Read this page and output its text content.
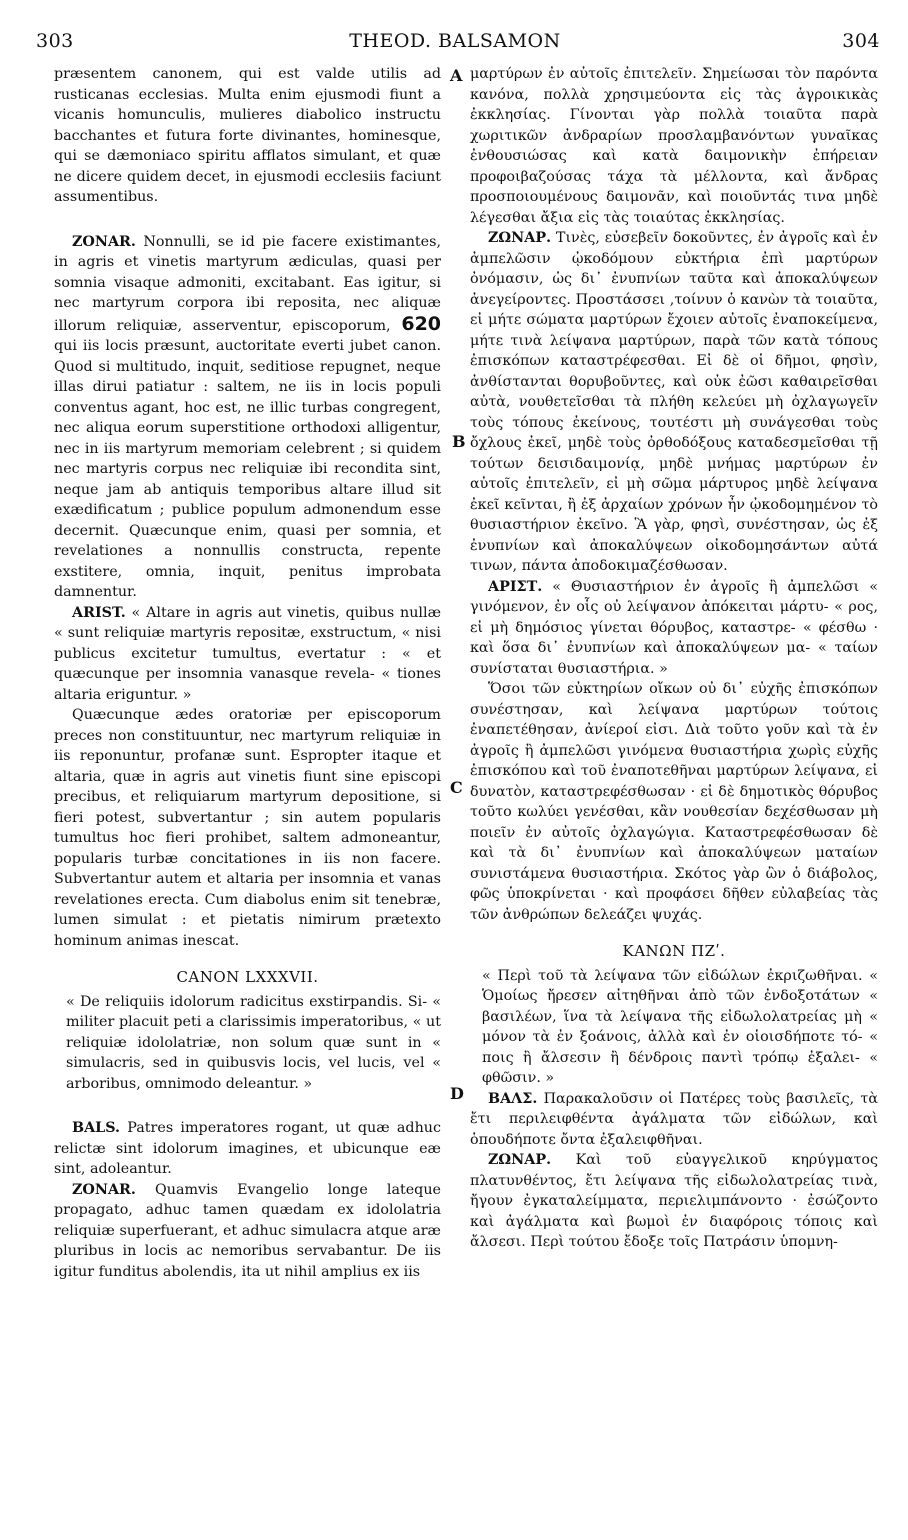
303	THEOD. BALSAMON	304
A
B
C
D

præsentem canonem, qui est valde utilis ad rusticanas ecclesias. Multa enim ejusmodi fiunt a vicanis homunculis, mulieres diabolico instructu bacchantes et futura forte divinantes, hominesque, qui se dæmoniaco spiritu afflatos simulant, et quæ ne dicere quidem decet, in ejusmodi ecclesiis faciunt assumentibus.

ZONAR. Nonnulli, se id pie facere existimantes, in agris et vinetis martyrum ædiculas, quasi per somnia visaque admoniti, excitabant. Eas igitur, si nec martyrum corpora ibi reposita, nec aliquæ illorum reliquiæ, asserventur, episcoporum, 620 qui iis locis præsunt, auctoritate everti jubet canon. Quod si multitudo, inquit, seditiose repugnet, neque illas dirui patiatur : saltem, ne iis in locis populi conventus agant, hoc est, ne illic turbas congregent, nec aliqua eorum superstitione orthodoxi alligentur, nec in iis martyrum memoriam celebrent ; si quidem nec martyris corpus nec reliquiæ ibi recondita sint, neque jam ab antiquis temporibus altare illud sit exædificatum ; publice populum admonendum esse decernit. Quæcunque enim, quasi per somnia, et revelationes a nonnullis constructa, repente exstitere, omnia, inquit, penitus improbata damnentur.

ARIST. « Altare in agris aut vinetis, quibus nullæ « sunt reliquiæ martyris repositæ, exstructum, « nisi publicus excitetur tumultus, evertatur : « et quæcunque per insomnia vanasque revela- « tiones altaria eriguntur. »

Quæcunque ædes oratoriæ per episcoporum preces non constituuntur, nec martyrum reliquiæ in iis reponuntur, profanæ sunt. Espropter itaque et altaria, quæ in agris aut vinetis fiunt sine episcopi precibus, et reliquiarum martyrum depositione, si fieri potest, subvertantur ; sin autem popularis tumultus hoc fieri prohibet, saltem admoneantur, popularis turbæ concitationes in iis non facere. Subvertantur autem et altaria per insomnia et vanas revelationes erecta. Cum diabolus enim sit tenebræ, lumen simulat : et pietatis nimirum prætexto hominum animas inescat.

CANON LXXXVII.

« De reliquiis idolorum radicitus exstirpandis. Si- « militer placuit peti a clarissimis imperatoribus, « ut reliquiæ idololatriæ, non solum quæ sunt in « simulacris, sed in quibusvis locis, vel lucis, vel « arboribus, omnimodo deleantur. »

BALS. Patres imperatores rogant, ut quæ adhuc relictæ sint idolorum imagines, et ubicunque eæ sint, adoleantur.

ZONAR. Quamvis Evangelio longe lateque propagato, adhuc tamen quædam ex idololatria reliquiæ superfuerant, et adhuc simulacra atque aræ pluribus in locis ac nemoribus servabantur. De iis igitur funditus abolendis, ita ut nihil amplius ex iis

μαρτύρων ἐν αὐτοῖς ἐπιτελεῖν. Σημείωσαι τὸν παρόντα κανόνα, πολλὰ χρησιμεύοντα εἰς τὰς ἀγροικικὰς ἐκκλησίας. Γίνονται γὰρ πολλὰ τοιαῦτα παρὰ χωριτικῶν ἀνδραρίων προσλαμβανόντων γυναῖκας ἐνθουσιώσας καὶ κατὰ δαιμονικὴν ἐπήρειαν προφοιβαζούσας τάχα τὰ μέλλοντα, καὶ ἄνδρας προσποιουμένους δαιμονᾶν, καὶ ποιοῦντάς τινα μηδὲ λέγεσθαι ἄξια εἰς τὰς τοιαύτας ἐκκλησίας.

ΖΩΝΑΡ. Τινὲς, εὐσεβεῖν δοκοῦντες, ἐν ἀγροῖς καὶ ἐν ἀμπελῶσιν ᾠκοδόμουν εὐκτήρια ἐπὶ μαρτύρων ὀνόμασιν, ὡς δι᾽ ἐνυπνίων ταῦτα καὶ ἀποκαλύψεων ἀνεγείροντες. Προστάσσει ,τοίνυν ὁ κανὼν τὰ τοιαῦτα, εἰ μήτε σώματα μαρτύρων ἔχοιεν αὐτοῖς ἐναποκείμενα, μήτε τινὰ λείψανα μαρτύρων, παρὰ τῶν κατὰ τόπους ἐπισκόπων καταστρέφεσθαι. Εἰ δὲ οἱ δῆμοι, φησὶν, ἀνθίστανται θορυβοῦντες, καὶ οὐκ ἐῶσι καθαιρεῖσθαι αὐτὰ, νουθετεῖσθαι τὰ πλήθη κελεύει μὴ ὀχλαγωγεῖν τοὺς τόπους ἐκείνους, τουτέστι μὴ συνάγεσθαι τοὺς ὄχλους ἐκεῖ, μηδὲ τοὺς ὀρθοδόξους καταδεσμεῖσθαι τῇ τούτων δεισιδαιμονίᾳ, μηδὲ μνήμας μαρτύρων ἐν αὐτοῖς ἐπιτελεῖν, εἰ μὴ σῶμα μάρτυρος μηδὲ λείψανα ἐκεῖ κεῖνται, ἢ ἐξ ἀρχαίων χρόνων ἦν ᾠκοδομημένον τὸ θυσιαστήριον ἐκεῖνο. Ἃ γὰρ, φησὶ, συνέστησαν, ὡς ἐξ ἐνυπνίων καὶ ἀποκαλύψεων οἰκοδομησάντων αὐτά τινων, πάντα ἀποδοκιμαζέσθωσαν.

ΑΡΙΣΤ. « Θυσιαστήριον ἐν ἀγροῖς ἢ ἀμπελῶσι « γινόμενον, ἐν οἷς οὐ λείψανον ἀπόκειται μάρτυ- « ρος, εἰ μὴ δημόσιος γίνεται θόρυβος, καταστρε- « φέσθω · καὶ ὅσα δι᾽ ἐνυπνίων καὶ ἀποκαλύψεων μα- « ταίων συνίσταται θυσιαστήρια. »

Ὅσοι τῶν εὐκτηρίων οἴκων οὐ δι᾽ εὐχῆς ἐπισκόπων συνέστησαν, καὶ λείψανα μαρτύρων τούτοις ἐναπετέθησαν, ἀνίεροί εἰσι. Διὰ τοῦτο γοῦν καὶ τὰ ἐν ἀγροῖς ἢ ἀμπελῶσι γινόμενα θυσιαστήρια χωρὶς εὐχῆς ἐπισκόπου καὶ τοῦ ἐναποτεθῆναι μαρτύρων λείψανα, εἰ δυνατὸν, καταστρεφέσθωσαν · εἰ δὲ δημοτικὸς θόρυβος τοῦτο κωλύει γενέσθαι, κἂν νουθεσίαν δεχέσθωσαν μὴ ποιεῖν ἐν αὐτοῖς ὀχλαγώγια. Καταστρεφέσθωσαν δὲ καὶ τὰ δι᾽ ἐνυπνίων καὶ ἀποκαλύψεων ματαίων συνιστάμενα θυσιαστήρια. Σκότος γὰρ ὢν ὁ διάβολος, φῶς ὑποκρίνεται · καὶ προφάσει δῆθεν εὐλαβείας τὰς τῶν ἀνθρώπων δελεάζει ψυχάς.

ΚΑΝΩΝ ΠΖʹ.

« Περὶ τοῦ τὰ λείψανα τῶν εἰδώλων ἐκριζωθῆναι. « Ὁμοίως ἤρεσεν αἰτηθῆναι ἀπὸ τῶν ἐνδοξοτάτων « βασιλέων, ἵνα τὰ λείψανα τῆς εἰδωλολατρείας μὴ « μόνον τὰ ἐν ξοάνοις, ἀλλὰ καὶ ἐν οἱοισδήποτε τό- « ποις ἢ ἄλσεσιν ἢ δένδροις παντὶ τρόπῳ ἐξαλει- « φθῶσιν. »

ΒΑΛΣ. Παρακαλοῦσιν οἱ Πατέρες τοὺς βασιλεῖς, τὰ ἔτι περιλειφθέντα ἀγάλματα τῶν εἰδώλων, καὶ ὁπουδήποτε ὄντα ἐξαλειφθῆναι.

ΖΩΝΑΡ. Καὶ τοῦ εὐαγγελικοῦ κηρύγματος πλατυνθέντος, ἔτι λείψανα τῆς εἰδωλολατρείας τινὰ, ἤγουν ἐγκαταλείμματα, περιελιμπάνοντο · ἐσώζοντο καὶ ἀγάλματα καὶ βωμοὶ ἐν διαφόροις τόποις καὶ ἄλσεσι. Περὶ τούτου ἔδοξε τοῖς Πατράσιν ὑπομνη-
